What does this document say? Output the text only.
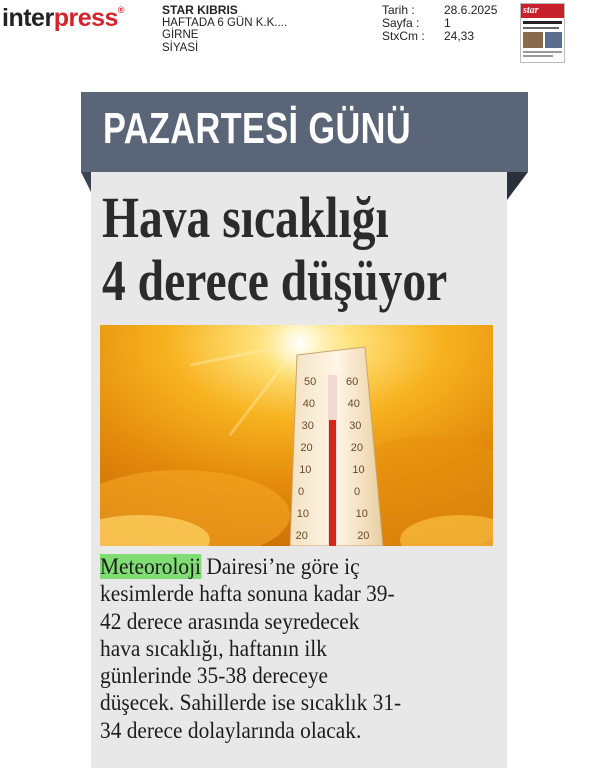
interpress®	STAR KIBRIS
HAFTADA 6 GÜN K.K....
GİRNE
SİYASİ
Tarih :	28.6.2025
Sayfa :	1
StxCm :	24,33
star
PAZARTESİ GÜNÜ
Hava sıcaklığı
4 derece düşüyor
50
40
30
20
10
0
10
20
60
40
30
20
10
0
10
20
Meteoroloji Dairesi’ne göre iç
kesimlerde hafta sonuna kadar 39-
42 derece arasında seyredecek
hava sıcaklığı, haftanın ilk
günlerinde 35-38 dereceye
düşecek. Sahillerde ise sıcaklık 31-
34 derece dolaylarında olacak.
